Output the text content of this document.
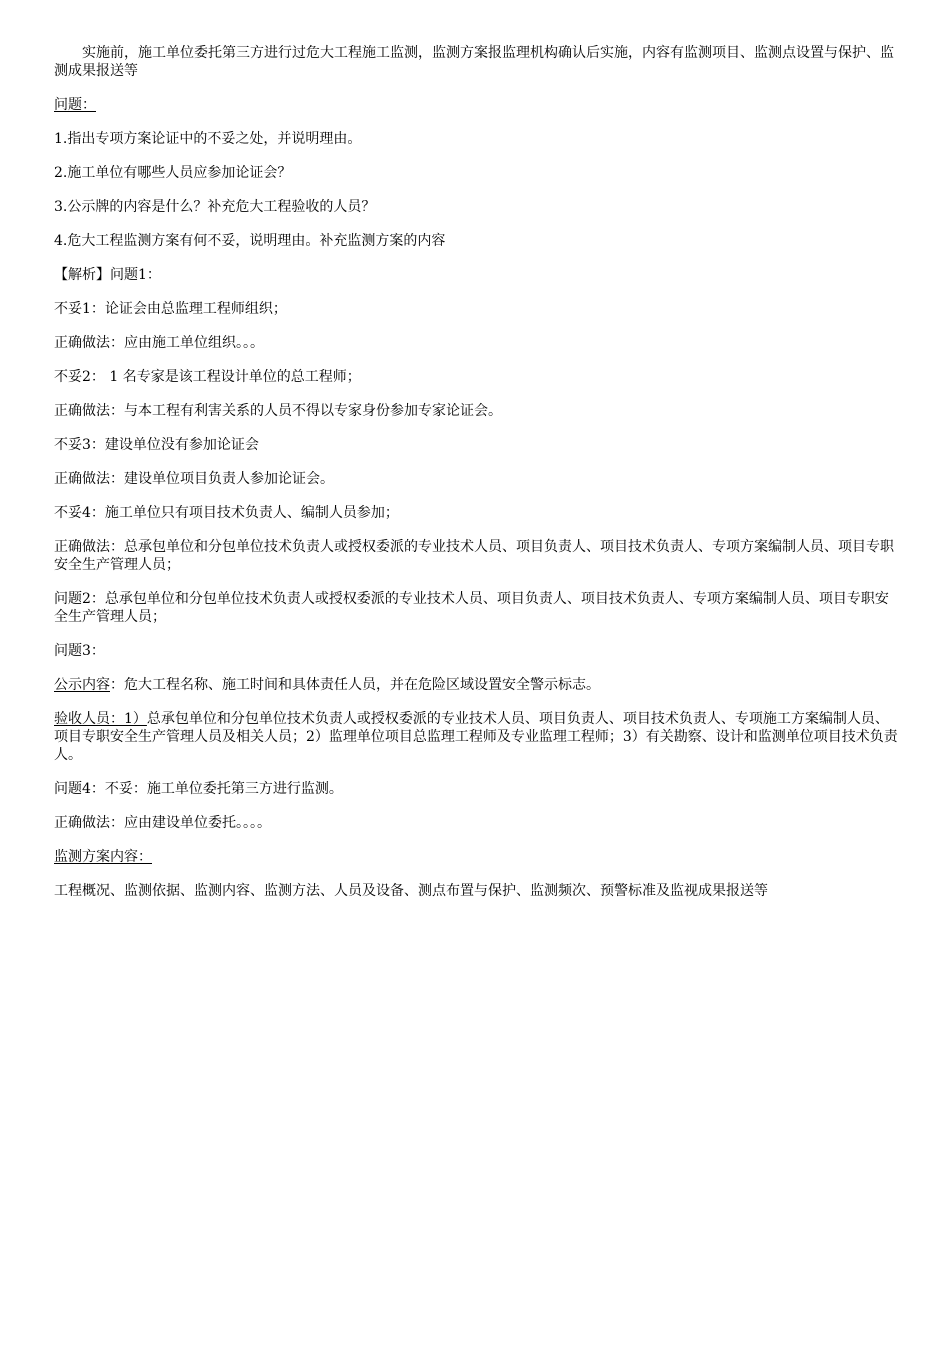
实施前，施工单位委托第三方进行过危大工程施工监测，监测方案报监理机构确认后实施，内容有监测项目、监测点设置与保护、监测成果报送等

问题：

1.指出专项方案论证中的不妥之处，并说明理由。

2.施工单位有哪些人员应参加论证会？

3.公示牌的内容是什么？补充危大工程验收的人员？

4.危大工程监测方案有何不妥，说明理由。补充监测方案的内容

【解析】问题1：

不妥1：论证会由总监理工程师组织；

正确做法：应由施工单位组织。。。

不妥2： 1 名专家是该工程设计单位的总工程师；

正确做法：与本工程有利害关系的人员不得以专家身份参加专家论证会。

不妥3：建设单位没有参加论证会

正确做法：建设单位项目负责人参加论证会。

不妥4：施工单位只有项目技术负责人、编制人员参加；

正确做法：总承包单位和分包单位技术负责人或授权委派的专业技术人员、项目负责人、项目技术负责人、专项方案编制人员、项目专职安全生产管理人员；

问题2：总承包单位和分包单位技术负责人或授权委派的专业技术人员、项目负责人、项目技术负责人、专项方案编制人员、项目专职安全生产管理人员；

问题3：

公示内容：危大工程名称、施工时间和具体责任人员，并在危险区域设置安全警示标志。

验收人员：1）总承包单位和分包单位技术负责人或授权委派的专业技术人员、项目负责人、项目技术负责人、专项施工方案编制人员、项目专职安全生产管理人员及相关人员；2）监理单位项目总监理工程师及专业监理工程师；3）有关勘察、设计和监测单位项目技术负责人。

问题4：不妥：施工单位委托第三方进行监测。

正确做法：应由建设单位委托。。。。

监测方案内容：

工程概况、监测依据、监测内容、监测方法、人员及设备、测点布置与保护、监测频次、预警标准及监视成果报送等
